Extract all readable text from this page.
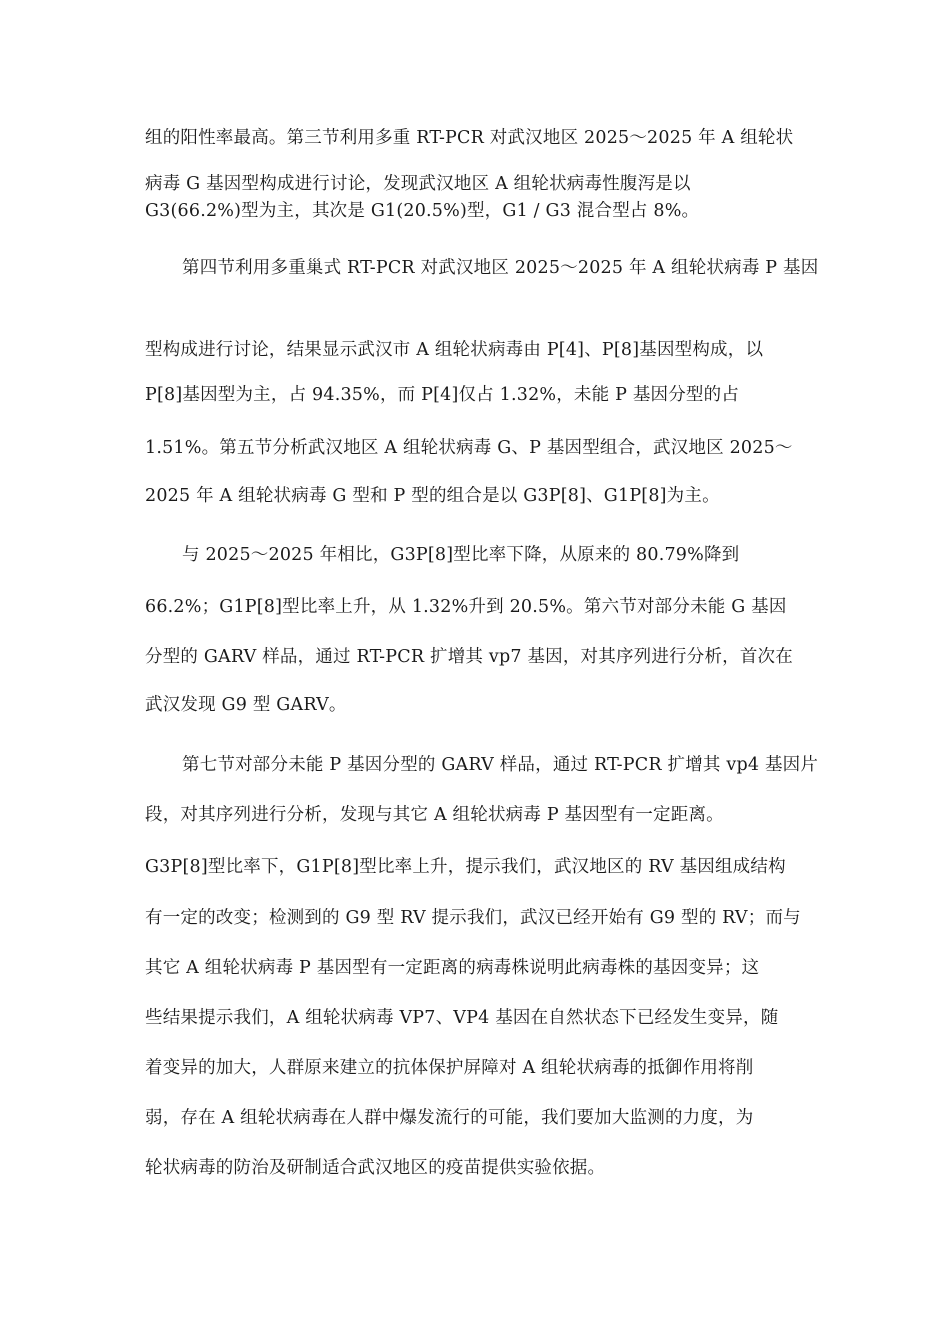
组的阳性率最高。第三节利用多重 RT-PCR 对武汉地区 2025～2025 年 A 组轮状
病毒 G 基因型构成进行讨论，发现武汉地区 A 组轮状病毒性腹泻是以
G3(66.2%)型为主，其次是 G1(20.5%)型，G1 / G3 混合型占 8%。
第四节利用多重巢式 RT-PCR 对武汉地区 2025～2025 年 A 组轮状病毒 P 基因
型构成进行讨论，结果显示武汉市 A 组轮状病毒由 P[4]、P[8]基因型构成，以
P[8]基因型为主，占 94.35%，而 P[4]仅占 1.32%，未能 P 基因分型的占
1.51%。第五节分析武汉地区 A 组轮状病毒 G、P 基因型组合，武汉地区 2025～
2025 年 A 组轮状病毒 G 型和 P 型的组合是以 G3P[8]、G1P[8]为主。
与 2025～2025 年相比，G3P[8]型比率下降，从原来的 80.79%降到
66.2%；G1P[8]型比率上升，从 1.32%升到 20.5%。第六节对部分未能 G 基因
分型的 GARV 样品，通过 RT-PCR 扩增其 vp7 基因，对其序列进行分析，首次在
武汉发现 G9 型 GARV。
第七节对部分未能 P 基因分型的 GARV 样品，通过 RT-PCR 扩增其 vp4 基因片
段，对其序列进行分析，发现与其它 A 组轮状病毒 P 基因型有一定距离。
G3P[8]型比率下，G1P[8]型比率上升，提示我们，武汉地区的 RV 基因组成结构
有一定的改变；检测到的 G9 型 RV 提示我们，武汉已经开始有 G9 型的 RV；而与
其它 A 组轮状病毒 P 基因型有一定距离的病毒株说明此病毒株的基因变异；这
些结果提示我们，A 组轮状病毒 VP7、VP4 基因在自然状态下已经发生变异，随
着变异的加大，人群原来建立的抗体保护屏障对 A 组轮状病毒的抵御作用将削
弱，存在 A 组轮状病毒在人群中爆发流行的可能，我们要加大监测的力度，为
轮状病毒的防治及研制适合武汉地区的疫苗提供实验依据。
